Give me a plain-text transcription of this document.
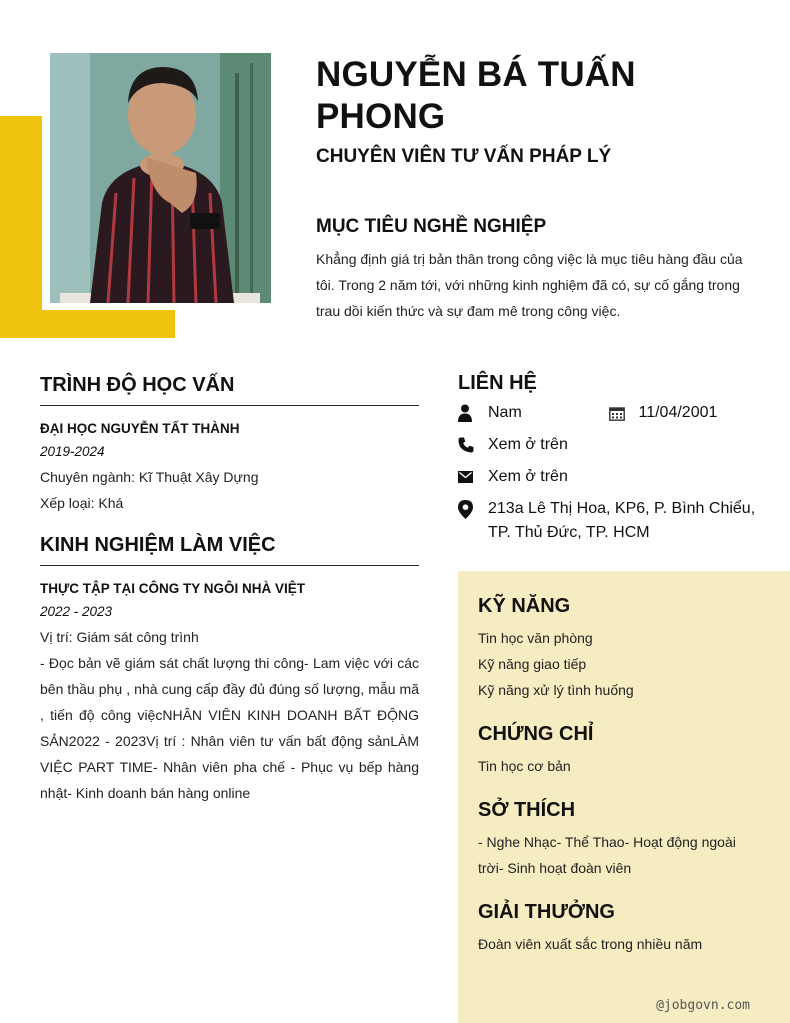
NGUYỄN BÁ TUẤN PHONG
CHUYÊN VIÊN TƯ VẤN PHÁP LÝ
MỤC TIÊU NGHỀ NGHIỆP

Khẳng định giá trị bản thân trong công việc là mục tiêu hàng đầu của tôi. Trong 2 năm tới, với những kinh nghiệm đã có, sự cố gắng trong trau dồi kiến thức và sự đam mê trong công việc.

TRÌNH ĐỘ HỌC VẤN

ĐẠI HỌC NGUYỄN TẤT THÀNH

2019-2024

Chuyên ngành: Kĩ Thuật Xây Dựng

Xếp loại: Khá

KINH NGHIỆM LÀM VIỆC

THỰC TẬP TẠI CÔNG TY NGÔI NHÀ VIỆT

2022 - 2023

Vị trí: Giám sát công trình

- Đọc bản vẽ giám sát chất lượng thi công- Lam việc với các bên thầu phụ , nhà cung cấp đầy đủ đúng số lượng, mẫu mã , tiến độ công việcNHÂN VIÊN KINH DOANH BẤT ĐỘNG SẢN2022 - 2023Vị trí : Nhân viên tư vấn bất động sảnLÀM VIỆC PART TIME- Nhân viên pha chế - Phục vụ bếp hàng nhật- Kinh doanh bán hàng online

LIÊN HỆ
Nam	11/04/2001
Xem ở trên
Xem ở trên
213a Lê Thị Hoa, KP6, P. Bình Chiểu, TP. Thủ Đức, TP. HCM
KỸ NĂNG
Tin học văn phòng
Kỹ năng giao tiếp
Kỹ năng xử lý tình huống
CHỨNG CHỈ
Tin học cơ bản
SỞ THÍCH

- Nghe Nhạc- Thể Thao- Hoạt động ngoài trời- Sinh hoạt đoàn viên

GIẢI THƯỞNG

Đoàn viên xuất sắc trong nhiều năm

@jobgovn.com
